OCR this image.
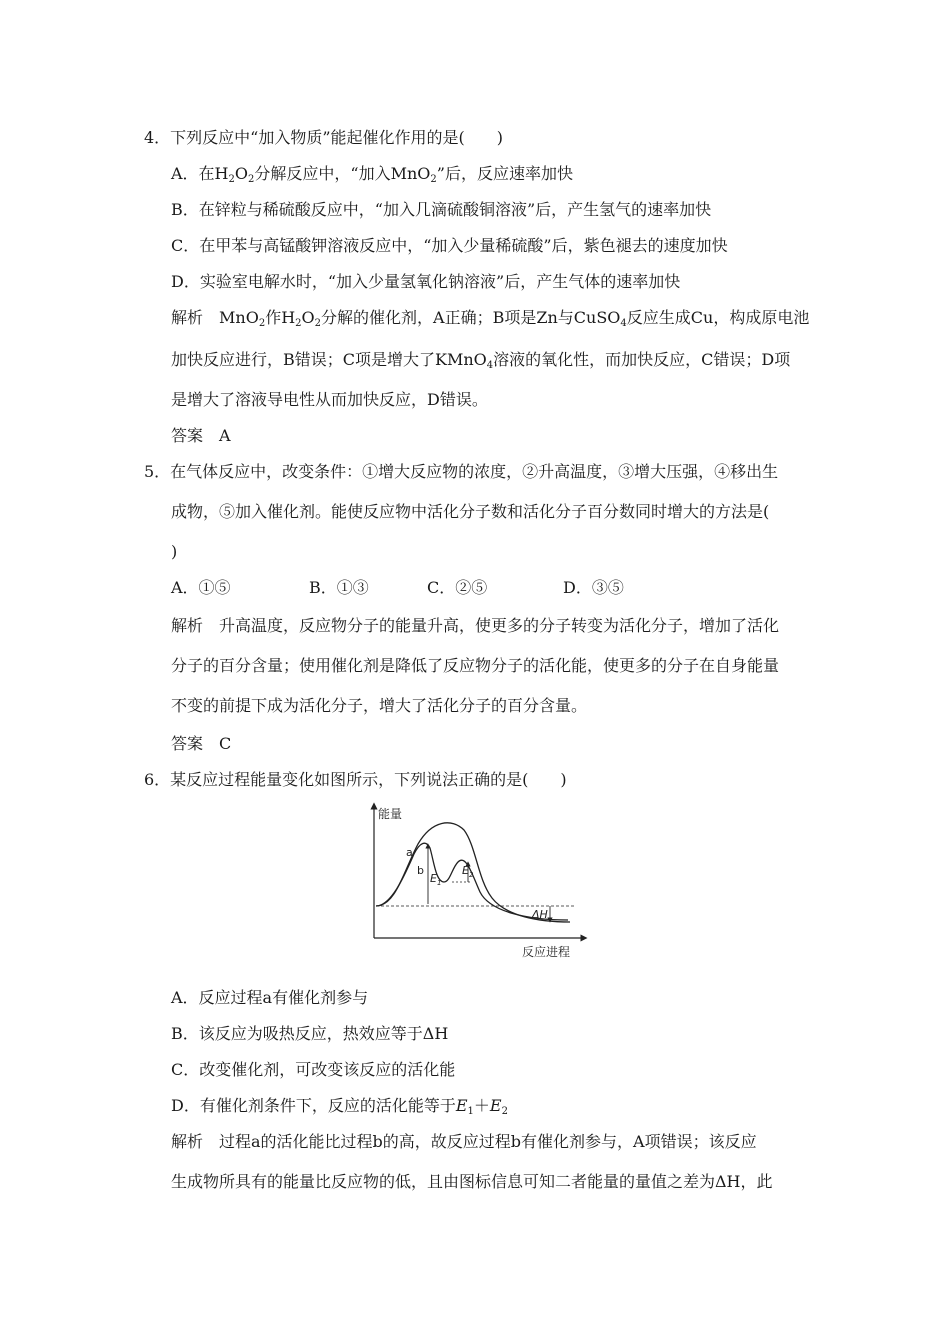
4．下列反应中“加入物质”能起催化作用的是(　　)
A．在$H_2O_2$分解反应中，“加入MnO$_2$”后，反应速率加快
B．在锌粒与稀硫酸反应中，“加入几滴硫酸铜溶液”后，产生氢气的速率加快
C．在甲苯与高锰酸钾溶液反应中，“加入少量稀硫酸”后，紫色褪去的速度加快
D．实验室电解水时，“加入少量氢氧化钠溶液”后，产生气体的速率加快
解析　MnO$_2$作$H_2O_2$分解的催化剂，A正确；B项是Zn与CuSO$_4$反应生成Cu，构成原电池
加快反应进行，B错误；C项是增大了KMnO$_4$溶液的氧化性，而加快反应，C错误；D项
是增大了溶液导电性从而加快反应，D错误。
答案　A
5．在气体反应中，改变条件：①增大反应物的浓度，②升高温度，③增大压强，④移出生
成物，⑤加入催化剂。能使反应物中活化分子数和活化分子百分数同时增大的方法是(
)
A．①⑤	B．①③	C．②⑤	D．③⑤
解析　升高温度，反应物分子的能量升高，使更多的分子转变为活化分子，增加了活化
分子的百分含量；使用催化剂是降低了反应物分子的活化能，使更多的分子在自身能量
不变的前提下成为活化分子，增大了活化分子的百分含量。
答案　C
6．某反应过程能量变化如图所示，下列说法正确的是(　　)
能量
反应进程
a
b
$E_1$
$E_2$
ΔH
A．反应过程a有催化剂参与
B．该反应为吸热反应，热效应等于ΔH
C．改变催化剂，可改变该反应的活化能
D．有催化剂条件下，反应的活化能等于$E_1+E_2$
解析　过程a的活化能比过程b的高，故反应过程b有催化剂参与，A项错误；该反应
生成物所具有的能量比反应物的低，且由图标信息可知二者能量的量值之差为ΔH，此
